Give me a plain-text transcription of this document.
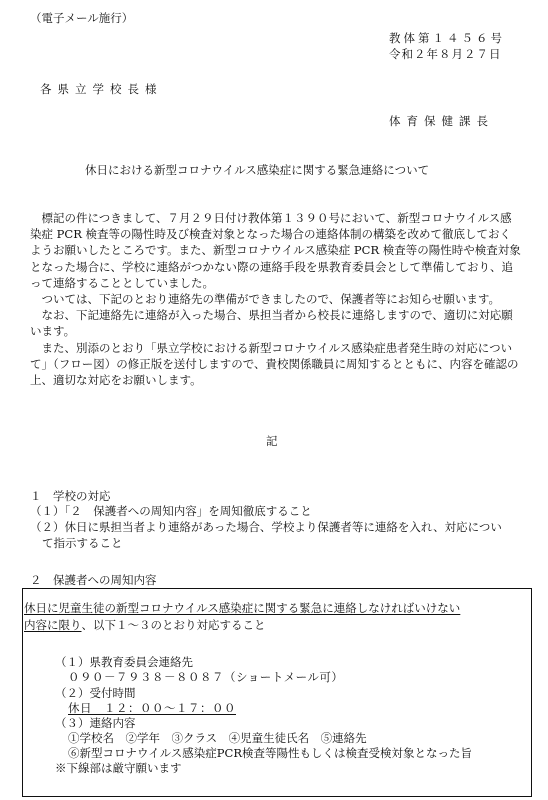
（電子メール施行）
教体第１４５６号
令和２年８月２７日
各県立学校長様
体育保健課長
休日における新型コロナウイルス感染症に関する緊急連絡について

標記の件につきまして、７月２９日付け教体第１３９０号において、新型コロナウイルス感染症 PCR 検査等の陽性時及び検査対象となった場合の連絡体制の構築を改めて徹底しておくようお願いしたところです。また、新型コロナウイルス感染症 PCR 検査等の陽性時や検査対象となった場合に、学校に連絡がつかない際の連絡手段を県教育委員会として準備しており、追って連絡することとしていました。

ついては、下記のとおり連絡先の準備ができましたので、保護者等にお知らせ願います。

なお、下記連絡先に連絡が入った場合、県担当者から校長に連絡しますので、適切に対応願います。

また、別添のとおり「県立学校における新型コロナウイルス感染症患者発生時の対応について」（フロー図）の修正版を送付しますので、貴校関係職員に周知するとともに、内容を確認の上、適切な対応をお願いします。

記
１　学校の対応
（１）「２　保護者への周知内容」を周知徹底すること
（２）休日に県担当者より連絡があった場合、学校より保護者等に連絡を入れ、対応につい
て指示すること
２　保護者への周知内容
休日に児童生徒の新型コロナウイルス感染症に関する緊急に連絡しなければいけない
内容に限り、以下１～３のとおり対応すること
（１）県教育委員会連絡先
０９０－７９３８－８０８７（ショートメール可）
（２）受付時間
休日　１２：００～１７：００
（３）連絡内容
①学校名　②学年　③クラス　④児童生徒氏名　⑤連絡先
⑥新型コロナウイルス感染症PCR検査等陽性もしくは検査受検対象となった旨
※下線部は厳守願います
